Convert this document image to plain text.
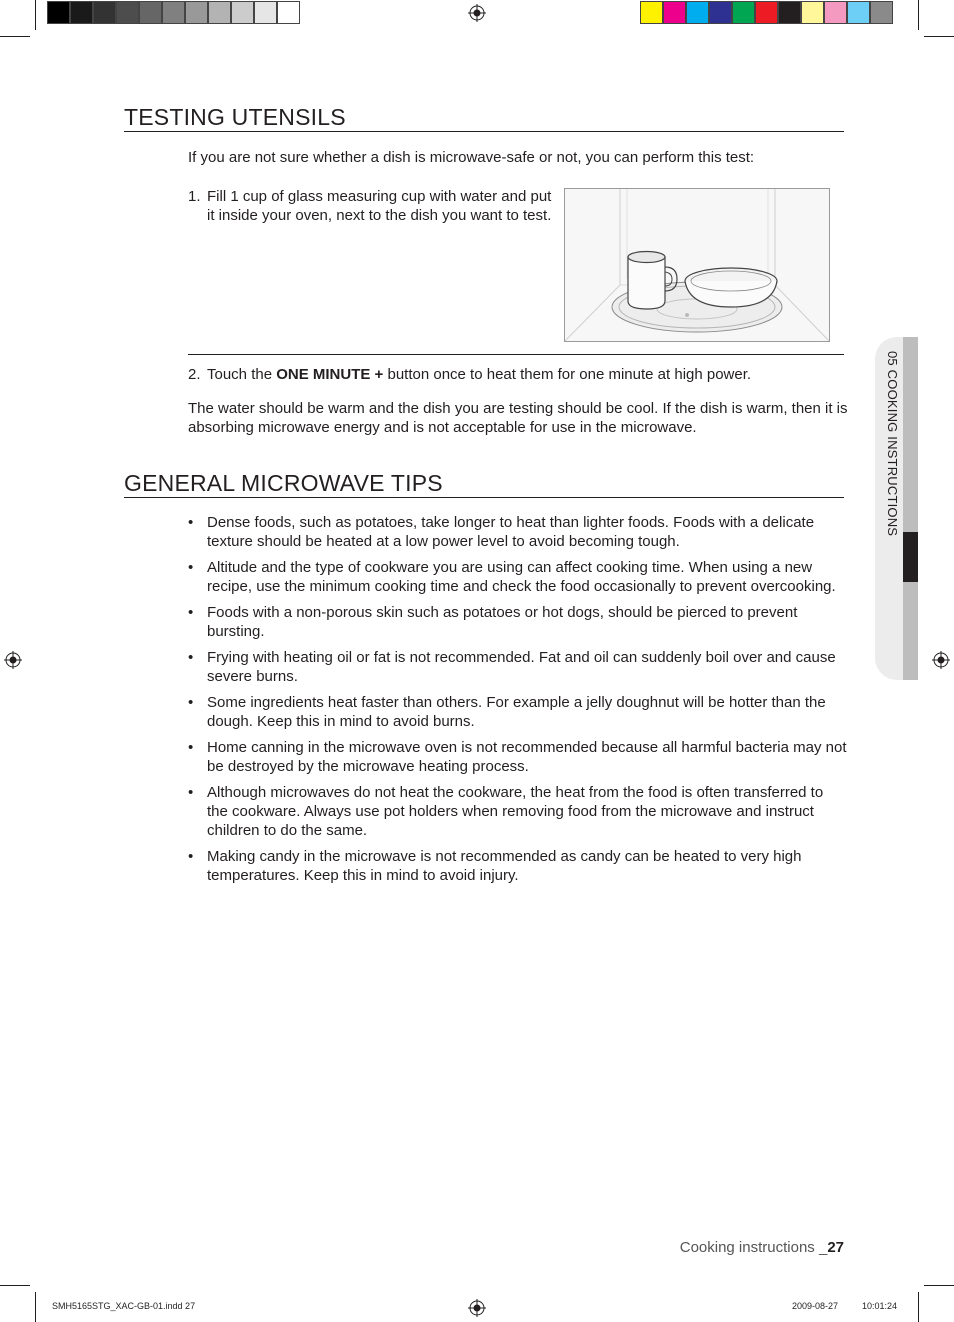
TESTING UTENSILS
If you are not sure whether a dish is microwave-safe or not, you can perform this test:
1. Fill 1 cup of glass measuring cup with water and put it inside your oven, next to the dish you want to test.
2. Touch the ONE MINUTE + button once to heat them for one minute at high power.
The water should be warm and the dish you are testing should be cool. If the dish is warm, then it is absorbing microwave energy and is not acceptable for use in the microwave.
GENERAL MICROWAVE TIPS
• Dense foods, such as potatoes, take longer to heat than lighter foods. Foods with a delicate texture should be heated at a low power level to avoid becoming tough.
• Altitude and the type of cookware you are using can affect cooking time. When using a new recipe, use the minimum cooking time and check the food occasionally to prevent overcooking.
• Foods with a non-porous skin such as potatoes or hot dogs, should be pierced to prevent bursting.
• Frying with heating oil or fat is not recommended. Fat and oil can suddenly boil over and cause severe burns.
• Some ingredients heat faster than others. For example a jelly doughnut will be hotter than the dough. Keep this in mind to avoid burns.
• Home canning in the microwave oven is not recommended because all harmful bacteria may not be destroyed by the microwave heating process.
• Although microwaves do not heat the cookware, the heat from the food is often transferred to the cookware. Always use pot holders when removing food from the microwave and instruct children to do the same.
• Making candy in the microwave is not recommended as candy can be heated to very high temperatures. Keep this in mind to avoid injury.
05 COOKING INSTRUCTIONS
Cooking instructions _27
SMH5165STG_XAC-GB-01.indd 27	2009-08-27	10:01:24
